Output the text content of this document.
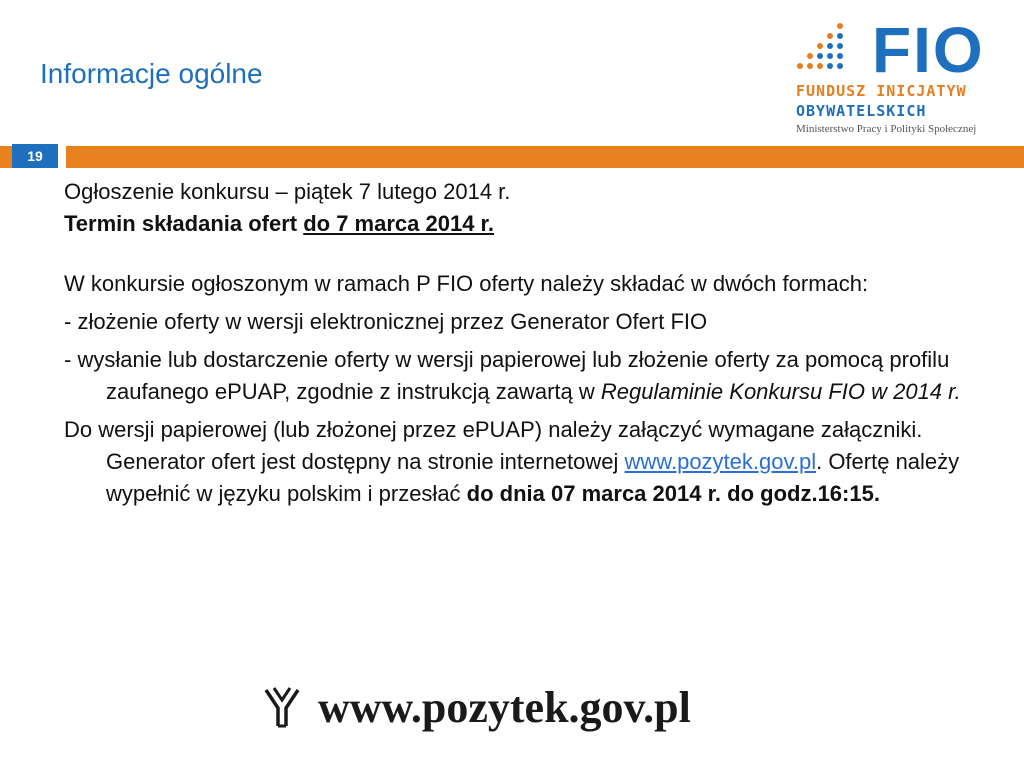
Informacje ogólne	FIO
FUNDUSZ INICJATYW
OBYWATELSKICH
Ministerstwo Pracy i Polityki Społecznej
19

Ogłoszenie konkursu – piątek 7 lutego 2014 r.

Termin składania ofert do 7 marca 2014 r.

W konkursie ogłoszonym w ramach P FIO oferty należy składać w dwóch formach:

- złożenie oferty w wersji elektronicznej przez Generator Ofert FIO

- wysłanie lub dostarczenie oferty w wersji papierowej lub złożenie oferty za pomocą profilu zaufanego ePUAP, zgodnie z instrukcją zawartą w Regulaminie Konkursu FIO w 2014 r.

Do wersji papierowej (lub złożonej przez ePUAP) należy załączyć wymagane załączniki. Generator ofert jest dostępny na stronie internetowej www.pozytek.gov.pl. Ofertę należy wypełnić w języku polskim i przesłać do dnia 07 marca 2014 r. do godz.16:15.

www.pozytek.gov.pl
